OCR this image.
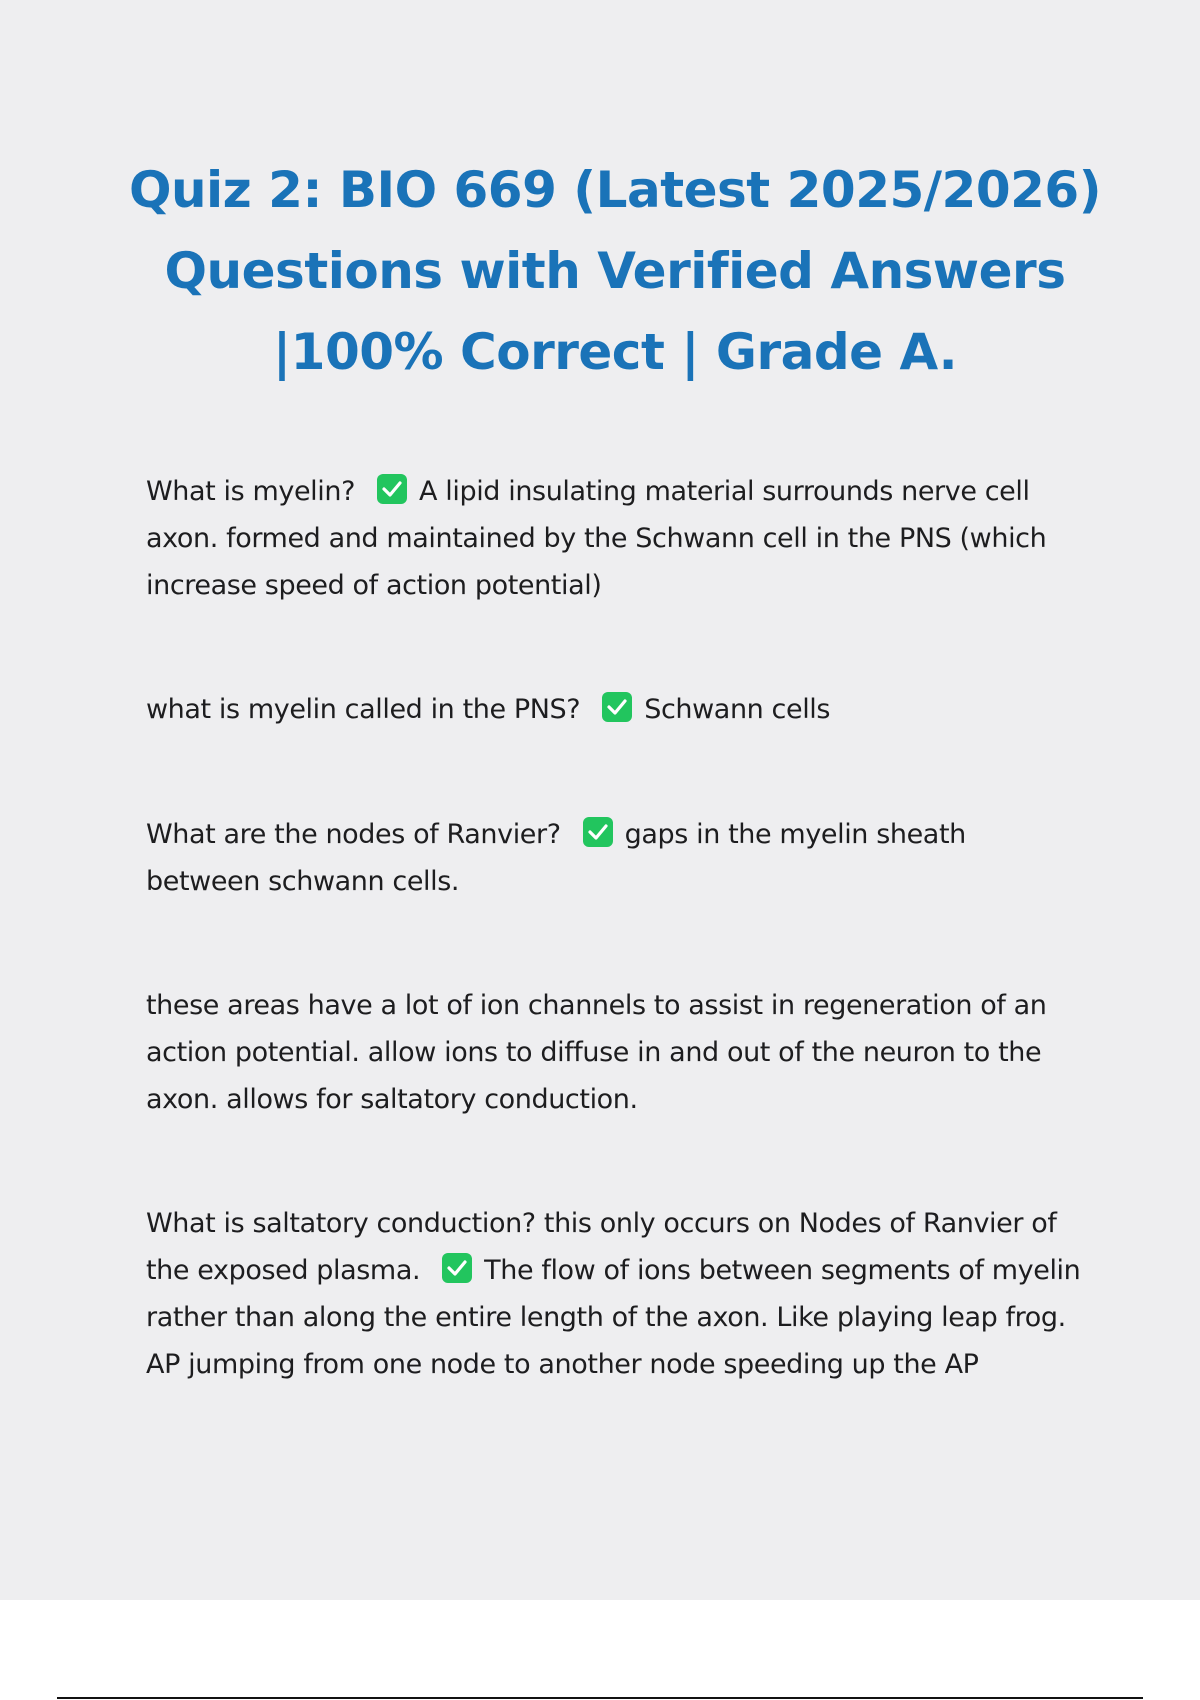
Quiz 2: BIO 669 (Latest 2025/2026)
Questions with Verified Answers
|100% Correct | Grade A.

What is myelin? A lipid insulating material surrounds nerve cell axon. formed and maintained by the Schwann cell in the PNS (which increase speed of action potential)

what is myelin called in the PNS? Schwann cells

What are the nodes of Ranvier? gaps in the myelin sheath between schwann cells.

these areas have a lot of ion channels to assist in regeneration of an action potential. allow ions to diffuse in and out of the neuron to the axon. allows for saltatory conduction.

What is saltatory conduction? this only occurs on Nodes of Ranvier of the exposed plasma. The flow of ions between segments of myelin rather than along the entire length of the axon. Like playing leap frog. AP jumping from one node to another node speeding up the AP
